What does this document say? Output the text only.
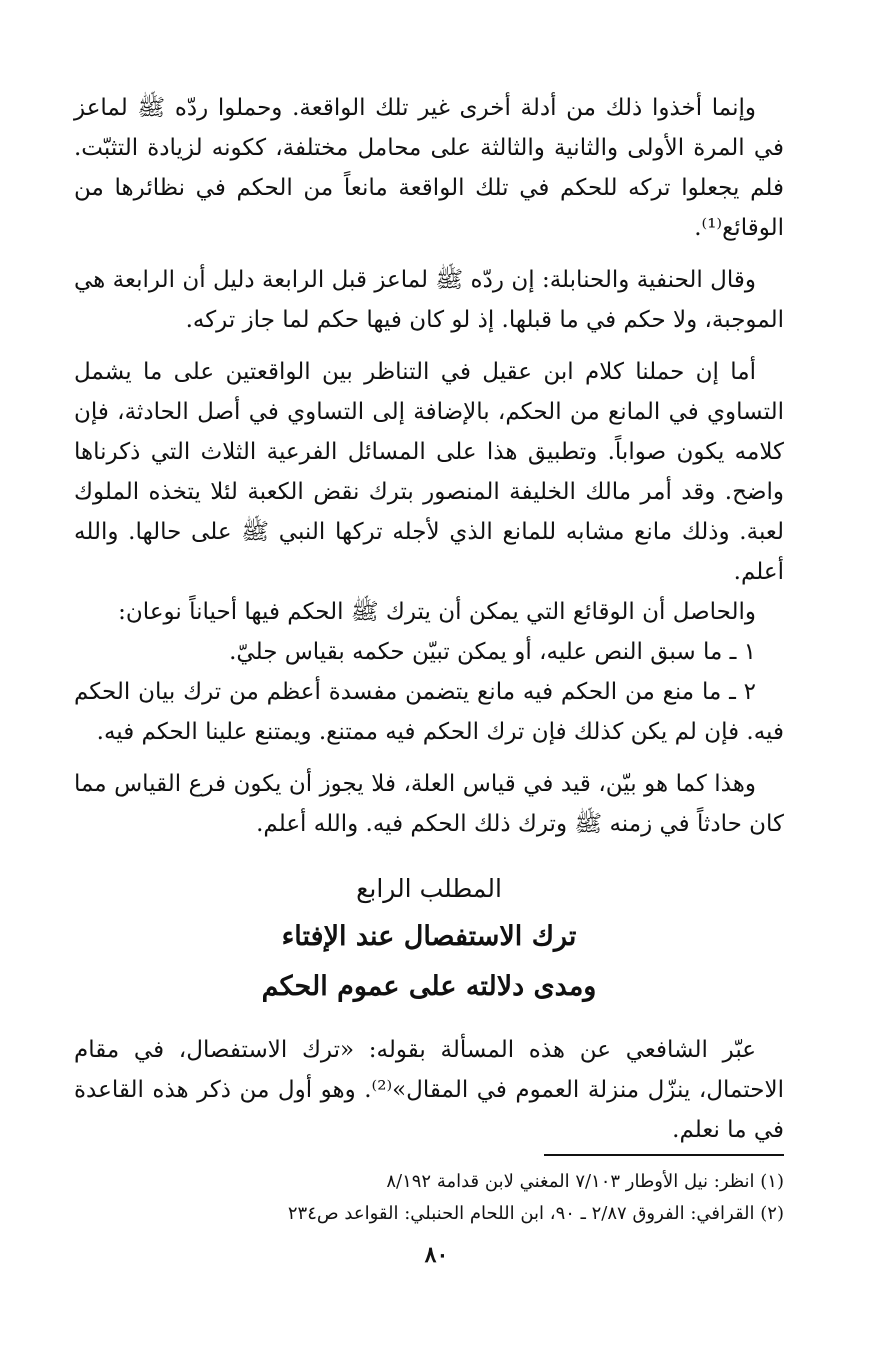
وإنما أخذوا ذلك من أدلة أخرى غير تلك الواقعة. وحملوا ردّه ﷺ لماعز في المرة الأولى والثانية والثالثة على محامل مختلفة، ككونه لزيادة التثبّت. فلم يجعلوا تركه للحكم في تلك الواقعة مانعاً من الحكم في نظائرها من الوقائع⁽¹⁾.

وقال الحنفية والحنابلة: إن ردّه ﷺ لماعز قبل الرابعة دليل أن الرابعة هي الموجبة، ولا حكم في ما قبلها. إذ لو كان فيها حكم لما جاز تركه.

أما إن حملنا كلام ابن عقيل في التناظر بين الواقعتين على ما يشمل التساوي في المانع من الحكم، بالإضافة إلى التساوي في أصل الحادثة، فإن كلامه يكون صواباً. وتطبيق هذا على المسائل الفرعية الثلاث التي ذكرناها واضح. وقد أمر مالك الخليفة المنصور بترك نقض الكعبة لئلا يتخذه الملوك لعبة. وذلك مانع مشابه للمانع الذي لأجله تركها النبي ﷺ على حالها. والله أعلم.

والحاصل أن الوقائع التي يمكن أن يترك ﷺ الحكم فيها أحياناً نوعان:

١ ـ ما سبق النص عليه، أو يمكن تبيّن حكمه بقياس جليّ.

٢ ـ ما منع من الحكم فيه مانع يتضمن مفسدة أعظم من ترك بيان الحكم فيه. فإن لم يكن كذلك فإن ترك الحكم فيه ممتنع. ويمتنع علينا الحكم فيه.

وهذا كما هو بيّن، قيد في قياس العلة، فلا يجوز أن يكون فرع القياس مما كان حادثاً في زمنه ﷺ وترك ذلك الحكم فيه. والله أعلم.

المطلب الرابع
ترك الاستفصال عند الإفتاء
ومدى دلالته على عموم الحكم

عبّر الشافعي عن هذه المسألة بقوله: «ترك الاستفصال، في مقام الاحتمال، ينزّل منزلة العموم في المقال»⁽²⁾. وهو أول من ذكر هذه القاعدة في ما نعلم.

(١) انظر: نيل الأوطار ٧/١٠٣ المغني لابن قدامة ٨/١٩٢

(٢) القرافي: الفروق ٢/٨٧ ـ ٩٠، ابن اللحام الحنبلي: القواعد ص٢٣٤

٨٠
